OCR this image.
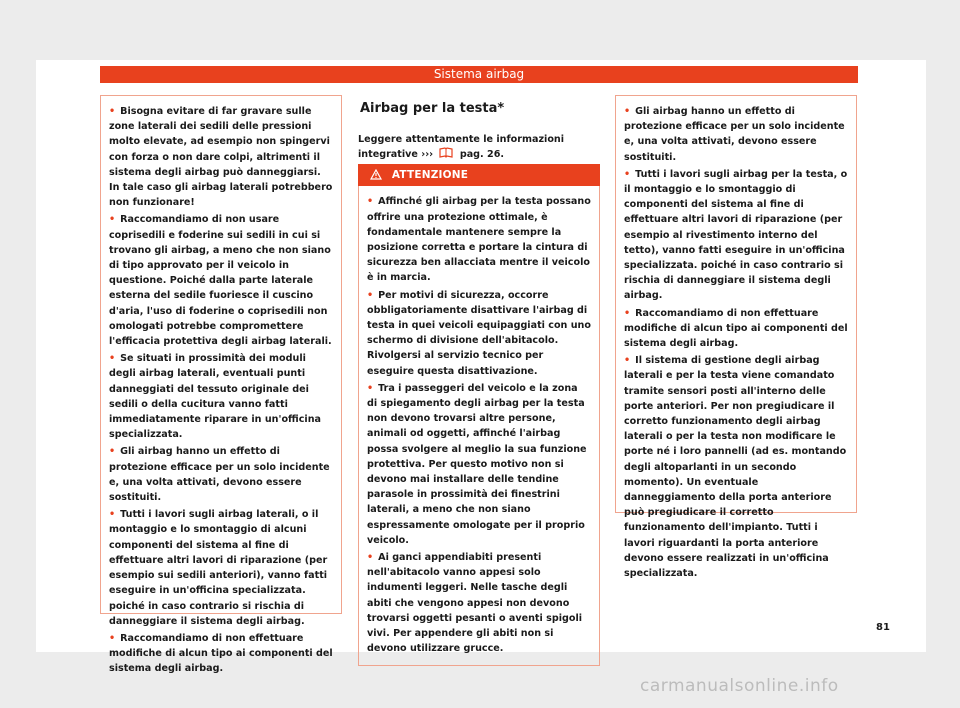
Sistema airbag

• Bisogna evitare di far gravare sulle zone laterali dei sedili delle pressioni molto elevate, ad esempio non spingervi con forza o non dare colpi, altrimenti il sistema degli airbag può danneggiarsi. In tale caso gli airbag laterali potrebbero non funzionare!

• Raccomandiamo di non usare coprisedili e foderine sui sedili in cui si trovano gli airbag, a meno che non siano di tipo approvato per il veicolo in questione. Poiché dalla parte laterale esterna del sedile fuoriesce il cuscino d'aria, l'uso di foderine o coprisedili non omologati potrebbe compromettere l'efficacia protettiva degli airbag laterali.

• Se situati in prossimità dei moduli degli airbag laterali, eventuali punti danneggiati del tessuto originale dei sedili o della cucitura vanno fatti immediatamente riparare in un'officina specializzata.

• Gli airbag hanno un effetto di protezione efficace per un solo incidente e, una volta attivati, devono essere sostituiti.

• Tutti i lavori sugli airbag laterali, o il montaggio e lo smontaggio di alcuni componenti del sistema al fine di effettuare altri lavori di riparazione (per esempio sui sedili anteriori), vanno fatti eseguire in un'officina specializzata. poiché in caso contrario si rischia di danneggiare il sistema degli airbag.

• Raccomandiamo di non effettuare modifiche di alcun tipo ai componenti del sistema degli airbag.

Airbag per la testa*

Leggere attentamente le informazioni integrative ›››	pag. 26.

ATTENZIONE

• Affinché gli airbag per la testa possano offrire una protezione ottimale, è fondamentale mantenere sempre la posizione corretta e portare la cintura di sicurezza ben allacciata mentre il veicolo è in marcia.

• Per motivi di sicurezza, occorre obbligatoriamente disattivare l'airbag di testa in quei veicoli equipaggiati con uno schermo di divisione dell'abitacolo. Rivolgersi al servizio tecnico per eseguire questa disattivazione.

• Tra i passeggeri del veicolo e la zona di spiegamento degli airbag per la testa non devono trovarsi altre persone, animali od oggetti, affinché l'airbag possa svolgere al meglio la sua funzione protettiva. Per questo motivo non si devono mai installare delle tendine parasole in prossimità dei finestrini laterali, a meno che non siano espressamente omologate per il proprio veicolo.

• Ai ganci appendiabiti presenti nell'abitacolo vanno appesi solo indumenti leggeri. Nelle tasche degli abiti che vengono appesi non devono trovarsi oggetti pesanti o aventi spigoli vivi. Per appendere gli abiti non si devono utilizzare grucce.

• Gli airbag hanno un effetto di protezione efficace per un solo incidente e, una volta attivati, devono essere sostituiti.

• Tutti i lavori sugli airbag per la testa, o il montaggio e lo smontaggio di componenti del sistema al fine di effettuare altri lavori di riparazione (per esempio al rivestimento interno del tetto), vanno fatti eseguire in un'officina specializzata. poiché in caso contrario si rischia di danneggiare il sistema degli airbag.

• Raccomandiamo di non effettuare modifiche di alcun tipo ai componenti del sistema degli airbag.

• Il sistema di gestione degli airbag laterali e per la testa viene comandato tramite sensori posti all'interno delle porte anteriori. Per non pregiudicare il corretto funzionamento degli airbag laterali o per la testa non modificare le porte né i loro pannelli (ad es. montando degli altoparlanti in un secondo momento). Un eventuale danneggiamento della porta anteriore può pregiudicare il corretto funzionamento dell'impianto. Tutti i lavori riguardanti la porta anteriore devono essere realizzati in un'officina specializzata.

81
carmanualsonline.info
